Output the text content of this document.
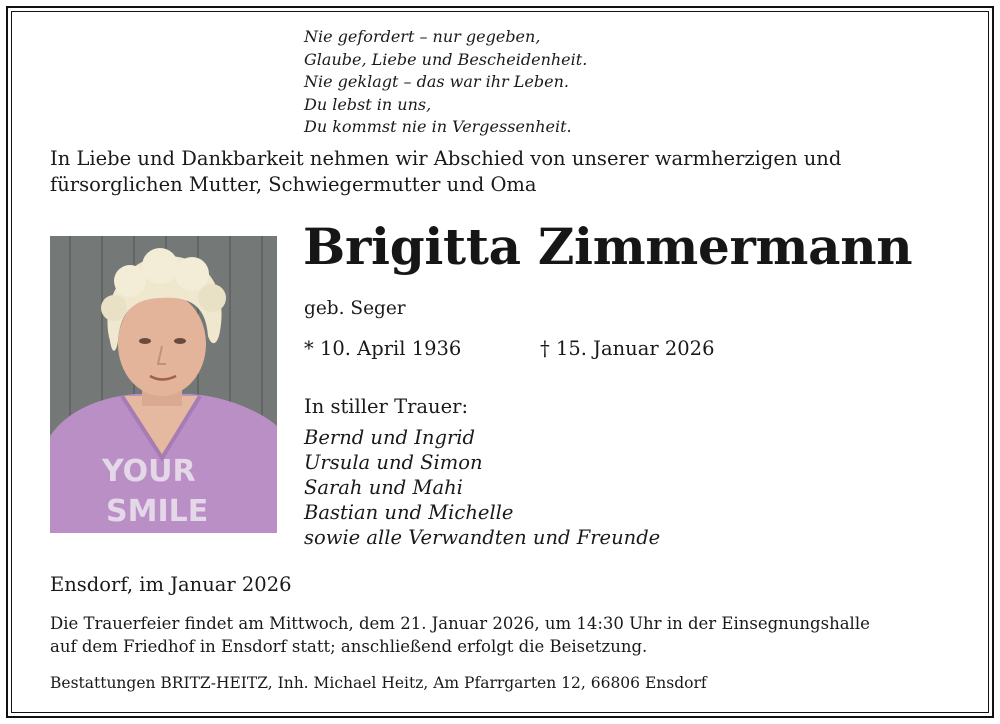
Nie gefordert – nur gegeben,
Glaube, Liebe und Bescheidenheit.
Nie geklagt – das war ihr Leben.
Du lebst in uns,
Du kommst nie in Vergessenheit.
In Liebe und Dankbarkeit nehmen wir Abschied von unserer warmherzigen und
fürsorglichen Mutter, Schwiegermutter und Oma
YOUR
SMILE
Brigitta Zimmermann
geb. Seger
* 10. April 1936	† 15. Januar 2026
In stiller Trauer:
Bernd und Ingrid
Ursula und Simon
Sarah und Mahi
Bastian und Michelle
sowie alle Verwandten und Freunde
Ensdorf, im Januar 2026
Die Trauerfeier findet am Mittwoch, dem 21. Januar 2026, um 14:30 Uhr in der Einsegnungshalle
auf dem Friedhof in Ensdorf statt; anschließend erfolgt die Beisetzung.
Bestattungen BRITZ-HEITZ, Inh. Michael Heitz, Am Pfarrgarten 12, 66806 Ensdorf
